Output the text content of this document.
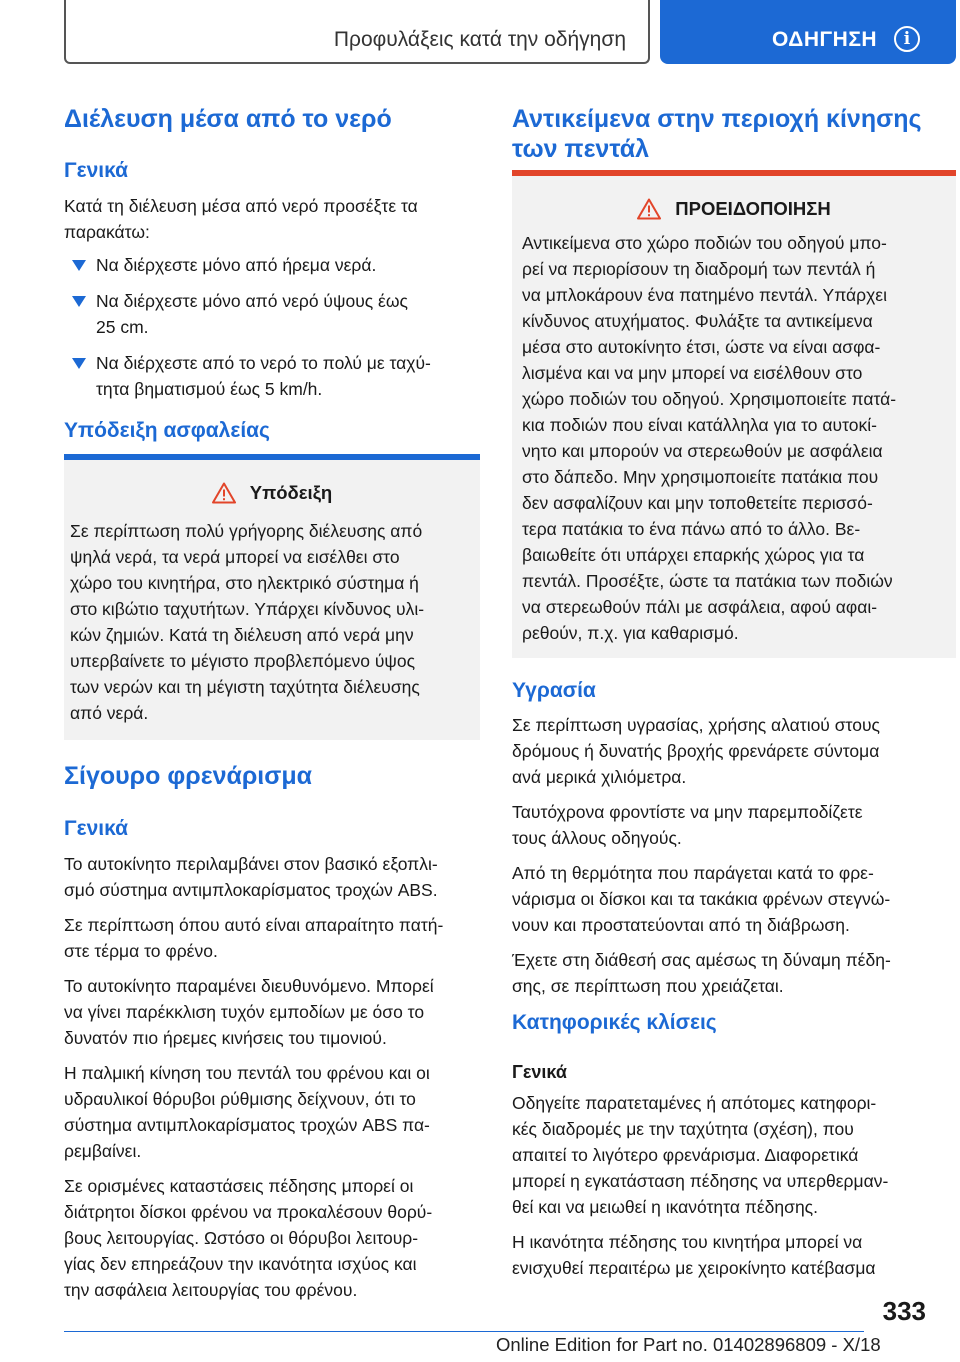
Προφυλάξεις κατά την οδήγηση	ΟΔΗΓΗΣΗ	i
Διέλευση μέσα από το νερό
Γενικά

Κατά τη διέλευση μέσα από νερό προσέξτε τα
παρακάτω:

Να διέρχεστε μόνο από ήρεμα νερά.
Να διέρχεστε μόνο από νερό ύψους έως
25 cm.
Να διέρχεστε από το νερό το πολύ με ταχύ-
τητα βηματισμού έως 5 km/h.
Υπόδειξη ασφαλείας
Υπόδειξη

Σε περίπτωση πολύ γρήγορης διέλευσης από
ψηλά νερά, τα νερά μπορεί να εισέλθει στο
χώρο του κινητήρα, στο ηλεκτρικό σύστημα ή
στο κιβώτιο ταχυτήτων. Υπάρχει κίνδυνος υλι-
κών ζημιών. Κατά τη διέλευση από νερά μην
υπερβαίνετε το μέγιστο προβλεπόμενο ύψος
των νερών και τη μέγιστη ταχύτητα διέλευσης
από νερά.

Σίγουρο φρενάρισμα
Γενικά

Το αυτοκίνητο περιλαμβάνει στον βασικό εξοπλι-
σμό σύστημα αντιμπλοκαρίσματος τροχών ABS.

Σε περίπτωση όπου αυτό είναι απαραίτητο πατή-
στε τέρμα το φρένο.

Το αυτοκίνητο παραμένει διευθυνόμενο. Μπορεί
να γίνει παρέκκλιση τυχόν εμποδίων με όσο το
δυνατόν πιο ήρεμες κινήσεις του τιμονιού.

Η παλμική κίνηση του πεντάλ του φρένου και οι
υδραυλικοί θόρυβοι ρύθμισης δείχνουν, ότι το
σύστημα αντιμπλοκαρίσματος τροχών ABS πα-
ρεμβαίνει.

Σε ορισμένες καταστάσεις πέδησης μπορεί οι
διάτρητοι δίσκοι φρένου να προκαλέσουν θορύ-
βους λειτουργίας. Ωστόσο οι θόρυβοι λειτουρ-
γίας δεν επηρεάζουν την ικανότητα ισχύος και
την ασφάλεια λειτουργίας του φρένου.

Αντικείμενα στην περιοχή κίνησης
των πεντάλ
ΠΡΟΕΙΔΟΠΟΙΗΣΗ

Αντικείμενα στο χώρο ποδιών του οδηγού μπο-
ρεί να περιορίσουν τη διαδρομή των πεντάλ ή
να μπλοκάρουν ένα πατημένο πεντάλ. Υπάρχει
κίνδυνος ατυχήματος. Φυλάξτε τα αντικείμενα
μέσα στο αυτοκίνητο έτσι, ώστε να είναι ασφα-
λισμένα και να μην μπορεί να εισέλθουν στο
χώρο ποδιών του οδηγού. Χρησιμοποιείτε πατά-
κια ποδιών που είναι κατάλληλα για το αυτοκί-
νητο και μπορούν να στερεωθούν με ασφάλεια
στο δάπεδο. Μην χρησιμοποιείτε πατάκια που
δεν ασφαλίζουν και μην τοποθετείτε περισσό-
τερα πατάκια το ένα πάνω από το άλλο. Βε-
βαιωθείτε ότι υπάρχει επαρκής χώρος για τα
πεντάλ. Προσέξτε, ώστε τα πατάκια των ποδιών
να στερεωθούν πάλι με ασφάλεια, αφού αφαι-
ρεθούν, π.χ. για καθαρισμό.

Υγρασία

Σε περίπτωση υγρασίας, χρήσης αλατιού στους
δρόμους ή δυνατής βροχής φρενάρετε σύντομα
ανά μερικά χιλιόμετρα.

Ταυτόχρονα φροντίστε να μην παρεμποδίζετε
τους άλλους οδηγούς.

Από τη θερμότητα που παράγεται κατά το φρε-
νάρισμα οι δίσκοι και τα τακάκια φρένων στεγνώ-
νουν και προστατεύονται από τη διάβρωση.

Έχετε στη διάθεσή σας αμέσως τη δύναμη πέδη-
σης, σε περίπτωση που χρειάζεται.

Κατηφορικές κλίσεις
Γενικά

Οδηγείτε παρατεταμένες ή απότομες κατηφορι-
κές διαδρομές με την ταχύτητα (σχέση), που
απαιτεί το λιγότερο φρενάρισμα. Διαφορετικά
μπορεί η εγκατάσταση πέδησης να υπερθερμαν-
θεί και να μειωθεί η ικανότητα πέδησης.

Η ικανότητα πέδησης του κινητήρα μπορεί να
ενισχυθεί περαιτέρω με χειροκίνητο κατέβασμα

333
Online Edition for Part no. 01402896809 - X/18
